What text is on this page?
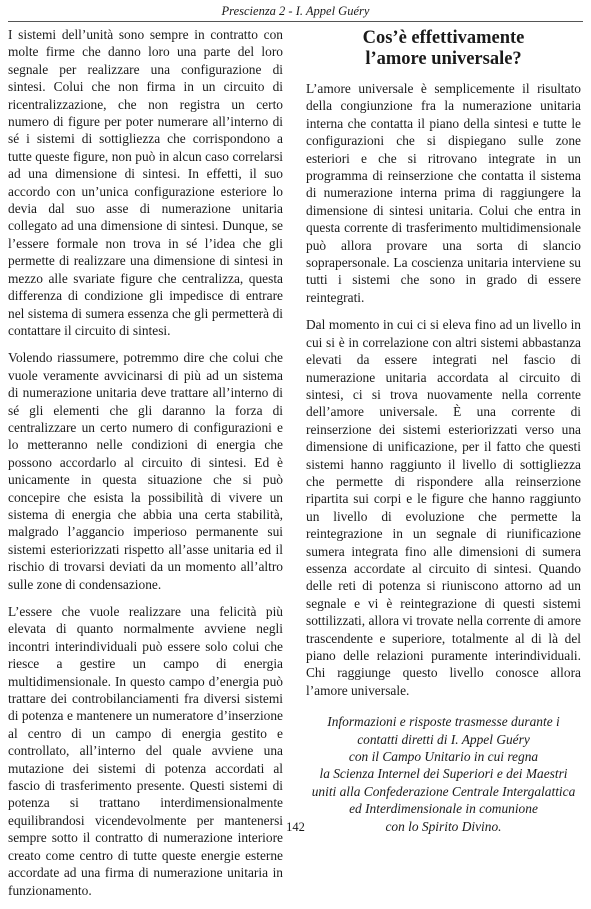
Prescienza 2 - I. Appel Guéry

I sistemi dell’unità sono sempre in contratto con molte firme che danno loro una parte del loro segnale per realizzare una configurazione di sintesi. Colui che non firma in un circuito di ricentralizzazione, che non registra un certo numero di figure per poter numerare all’interno di sé i sistemi di sottigliezza che corrispondono a tutte queste figure, non può in alcun caso correlarsi ad una dimensione di sintesi. In effetti, il suo accordo con un’unica configurazione esteriore lo devia dal suo asse di numerazione unitaria collegato ad una dimensione di sintesi. Dunque, se l’essere formale non trova in sé l’idea che gli permette di realizzare una dimensione di sintesi in mezzo alle svariate figure che centralizza, questa differenza di condizione gli impedisce di entrare nel sistema di sumera essenza che gli permetterà di contattare il circuito di sintesi.

Volendo riassumere, potremmo dire che colui che vuole veramente avvicinarsi di più ad un sistema di numerazione unitaria deve trattare all’interno di sé gli elementi che gli daranno la forza di centralizzare un certo numero di configurazioni e lo metteranno nelle condizioni di energia che possono accordarlo al circuito di sintesi. Ed è unicamente in questa situazione che si può concepire che esista la possibilità di vivere un sistema di energia che abbia una certa stabilità, malgrado l’aggancio imperioso permanente sui sistemi esteriorizzati rispetto all’asse unitaria ed il rischio di trovarsi deviati da un momento all’altro sulle zone di condensazione.

L’essere che vuole realizzare una felicità più elevata di quanto normalmente avviene negli incontri interindividuali può essere solo colui che riesce a gestire un campo di energia multidimensionale. In questo campo d’energia può trattare dei controbilanciamenti fra diversi sistemi di potenza e mantenere un numeratore d’inserzione al centro di un campo di energia gestito e controllato, all’interno del quale avviene una mutazione dei sistemi di potenza accordati al fascio di trasferimento presente. Questi sistemi di potenza si trattano interdimensionalmente equilibrandosi vicendevolmente per mantenersi sempre sotto il contratto di numerazione interiore creato come centro di tutte queste energie esterne accordate ad una firma di numerazione unitaria in funzionamento.

Cos’è effettivamente
l’amore universale?

L’amore universale è semplicemente il risultato della congiunzione fra la numerazione unitaria interna che contatta il piano della sintesi e tutte le configurazioni che si dispiegano sulle zone esteriori e che si ritrovano integrate in un programma di reinserzione che contatta il sistema di numerazione interna prima di raggiungere la dimensione di sintesi unitaria. Colui che entra in questa corrente di trasferimento multidimensionale può allora provare una sorta di slancio soprapersonale. La coscienza unitaria interviene su tutti i sistemi che sono in grado di essere reintegrati.

Dal momento in cui ci si eleva fino ad un livello in cui si è in correlazione con altri sistemi abbastanza elevati da essere integrati nel fascio di numerazione unitaria accordata al circuito di sintesi, ci si trova nuovamente nella corrente dell’amore universale. È una corrente di reinserzione dei sistemi esteriorizzati verso una dimensione di unificazione, per il fatto che questi sistemi hanno raggiunto il livello di sottigliezza che permette di rispondere alla reinserzione ripartita sui corpi e le figure che hanno raggiunto un livello di evoluzione che permette la reintegrazione in un segnale di riunificazione sumera integrata fino alle dimensioni di sumera essenza accordate al circuito di sintesi. Quando delle reti di potenza si riuniscono attorno ad un segnale e vi è reintegrazione di questi sistemi sottilizzati, allora vi trovate nella corrente di amore trascendente e superiore, totalmente al di là del piano delle relazioni puramente interindividuali. Chi raggiunge questo livello conosce allora l’amore universale.

Informazioni e risposte trasmesse durante i
contatti diretti di I. Appel Guéry
con il Campo Unitario in cui regna
la Scienza Internel dei Superiori e dei Maestri
uniti alla Confederazione Centrale Intergalattica
ed Interdimensionale in comunione
con lo Spirito Divino.

142
